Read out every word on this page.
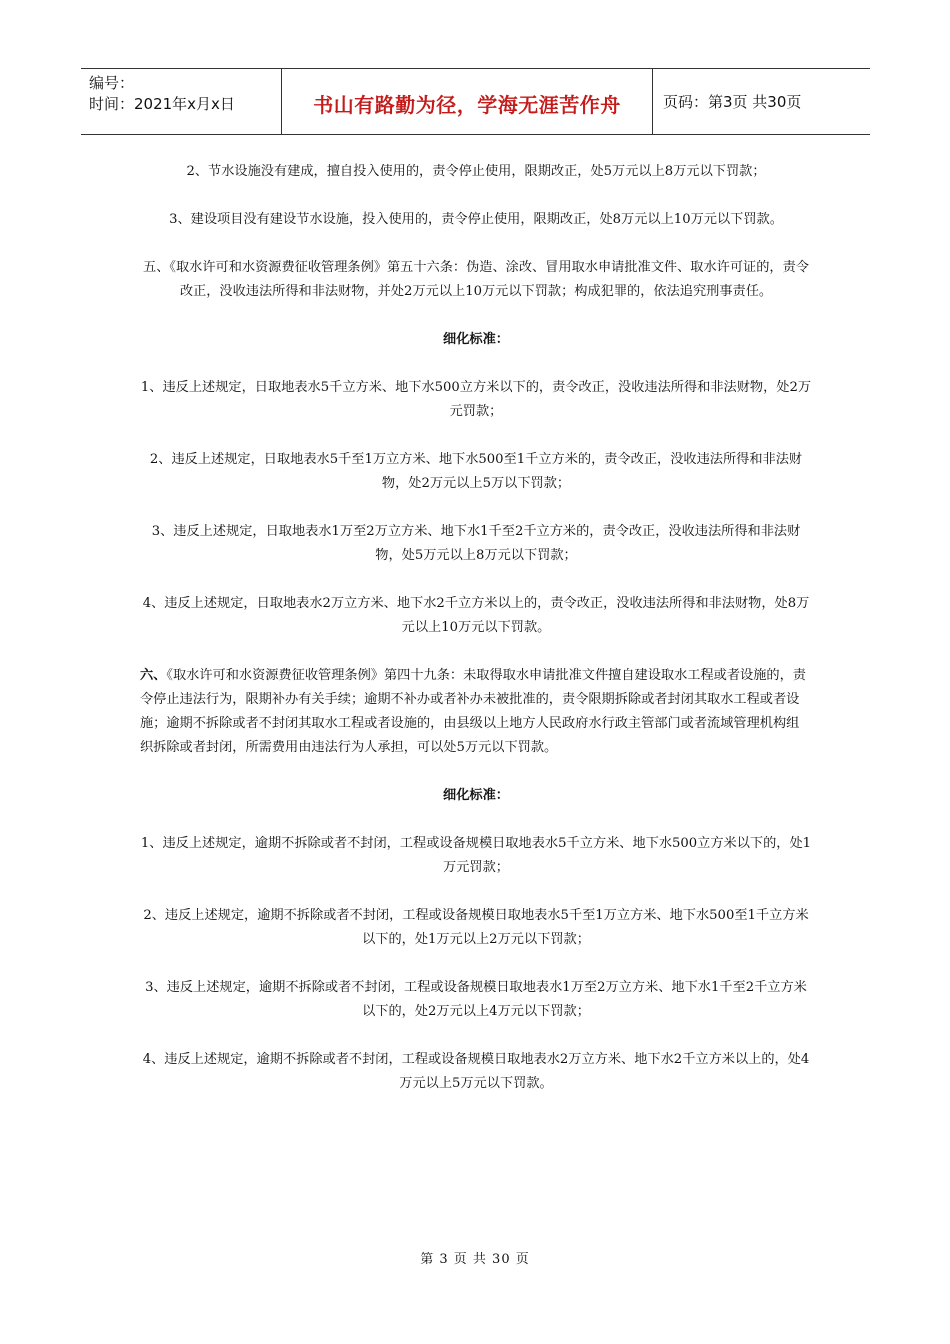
编号：
时间：2021年x月x日	书山有路勤为径，学海无涯苦作舟	页码：第3页 共30页

2、节水设施没有建成，擅自投入使用的，责令停止使用，限期改正，处5万元以上8万元以下罚款；

3、建设项目没有建设节水设施，投入使用的，责令停止使用，限期改正，处8万元以上10万元以下罚款。

五、《取水许可和水资源费征收管理条例》第五十六条：伪造、涂改、冒用取水申请批准文件、取水许可证的，责令改正，没收违法所得和非法财物，并处2万元以上10万元以下罚款；构成犯罪的，依法追究刑事责任。

细化标准：

1、违反上述规定，日取地表水5千立方米、地下水500立方米以下的，责令改正，没收违法所得和非法财物，处2万元罚款；

2、违反上述规定，日取地表水5千至1万立方米、地下水500至1千立方米的，责令改正，没收违法所得和非法财物，处2万元以上5万以下罚款；

3、违反上述规定，日取地表水1万至2万立方米、地下水1千至2千立方米的，责令改正，没收违法所得和非法财物，处5万元以上8万元以下罚款；

4、违反上述规定，日取地表水2万立方米、地下水2千立方米以上的，责令改正，没收违法所得和非法财物，处8万元以上10万元以下罚款。

六、《取水许可和水资源费征收管理条例》第四十九条：未取得取水申请批准文件擅自建设取水工程或者设施的，责令停止违法行为，限期补办有关手续；逾期不补办或者补办未被批准的，责令限期拆除或者封闭其取水工程或者设施；逾期不拆除或者不封闭其取水工程或者设施的，由县级以上地方人民政府水行政主管部门或者流域管理机构组织拆除或者封闭，所需费用由违法行为人承担，可以处5万元以下罚款。

细化标准：

1、违反上述规定，逾期不拆除或者不封闭，工程或设备规模日取地表水5千立方米、地下水500立方米以下的，处1万元罚款；

2、违反上述规定，逾期不拆除或者不封闭，工程或设备规模日取地表水5千至1万立方米、地下水500至1千立方米以下的，处1万元以上2万元以下罚款；

3、违反上述规定，逾期不拆除或者不封闭，工程或设备规模日取地表水1万至2万立方米、地下水1千至2千立方米以下的，处2万元以上4万元以下罚款；

4、违反上述规定，逾期不拆除或者不封闭，工程或设备规模日取地表水2万立方米、地下水2千立方米以上的，处4万元以上5万元以下罚款。

第 3 页 共 30 页
